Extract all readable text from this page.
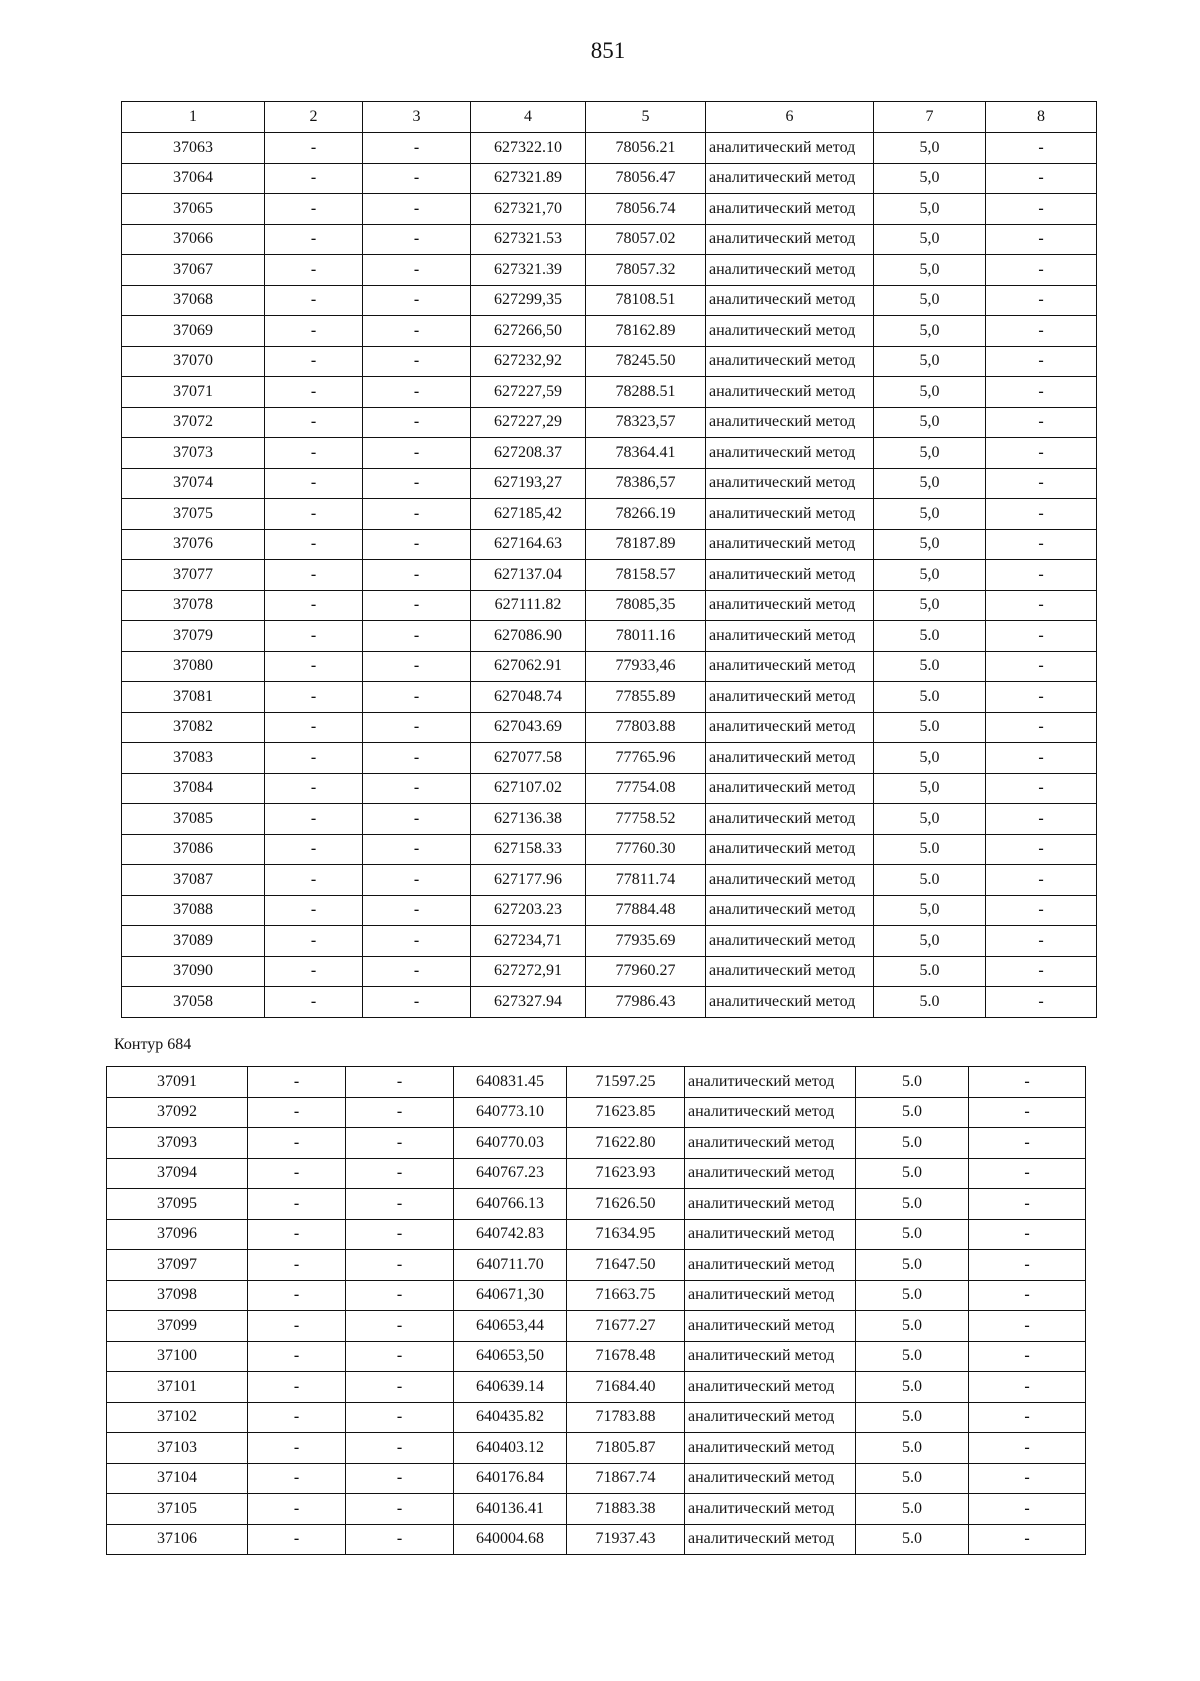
851
1	2	3	4	5	6	7	8
37063	-	-	627322.10	78056.21	аналитический метод	5,0	-
37064	-	-	627321.89	78056.47	аналитический метод	5,0	-
37065	-	-	627321,70	78056.74	аналитический метод	5,0	-
37066	-	-	627321.53	78057.02	аналитический метод	5,0	-
37067	-	-	627321.39	78057.32	аналитический метод	5,0	-
37068	-	-	627299,35	78108.51	аналитический метод	5,0	-
37069	-	-	627266,50	78162.89	аналитический метод	5,0	-
37070	-	-	627232,92	78245.50	аналитический метод	5,0	-
37071	-	-	627227,59	78288.51	аналитический метод	5,0	-
37072	-	-	627227,29	78323,57	аналитический метод	5,0	-
37073	-	-	627208.37	78364.41	аналитический метод	5,0	-
37074	-	-	627193,27	78386,57	аналитический метод	5,0	-
37075	-	-	627185,42	78266.19	аналитический метод	5,0	-
37076	-	-	627164.63	78187.89	аналитический метод	5,0	-
37077	-	-	627137.04	78158.57	аналитический метод	5,0	-
37078	-	-	627111.82	78085,35	аналитический метод	5,0	-
37079	-	-	627086.90	78011.16	аналитический метод	5.0	-
37080	-	-	627062.91	77933,46	аналитический метод	5.0	-
37081	-	-	627048.74	77855.89	аналитический метод	5.0	-
37082	-	-	627043.69	77803.88	аналитический метод	5.0	-
37083	-	-	627077.58	77765.96	аналитический метод	5,0	-
37084	-	-	627107.02	77754.08	аналитический метод	5,0	-
37085	-	-	627136.38	77758.52	аналитический метод	5,0	-
37086	-	-	627158.33	77760.30	аналитический метод	5.0	-
37087	-	-	627177.96	77811.74	аналитический метод	5.0	-
37088	-	-	627203.23	77884.48	аналитический метод	5,0	-
37089	-	-	627234,71	77935.69	аналитический метод	5,0	-
37090	-	-	627272,91	77960.27	аналитический метод	5.0	-
37058	-	-	627327.94	77986.43	аналитический метод	5.0	-
Контур 684
37091	-	-	640831.45	71597.25	аналитический метод	5.0	-
37092	-	-	640773.10	71623.85	аналитический метод	5.0	-
37093	-	-	640770.03	71622.80	аналитический метод	5.0	-
37094	-	-	640767.23	71623.93	аналитический метод	5.0	-
37095	-	-	640766.13	71626.50	аналитический метод	5.0	-
37096	-	-	640742.83	71634.95	аналитический метод	5.0	-
37097	-	-	640711.70	71647.50	аналитический метод	5.0	-
37098	-	-	640671,30	71663.75	аналитический метод	5.0	-
37099	-	-	640653,44	71677.27	аналитический метод	5.0	-
37100	-	-	640653,50	71678.48	аналитический метод	5.0	-
37101	-	-	640639.14	71684.40	аналитический метод	5.0	-
37102	-	-	640435.82	71783.88	аналитический метод	5.0	-
37103	-	-	640403.12	71805.87	аналитический метод	5.0	-
37104	-	-	640176.84	71867.74	аналитический метод	5.0	-
37105	-	-	640136.41	71883.38	аналитический метод	5.0	-
37106	-	-	640004.68	71937.43	аналитический метод	5.0	-
